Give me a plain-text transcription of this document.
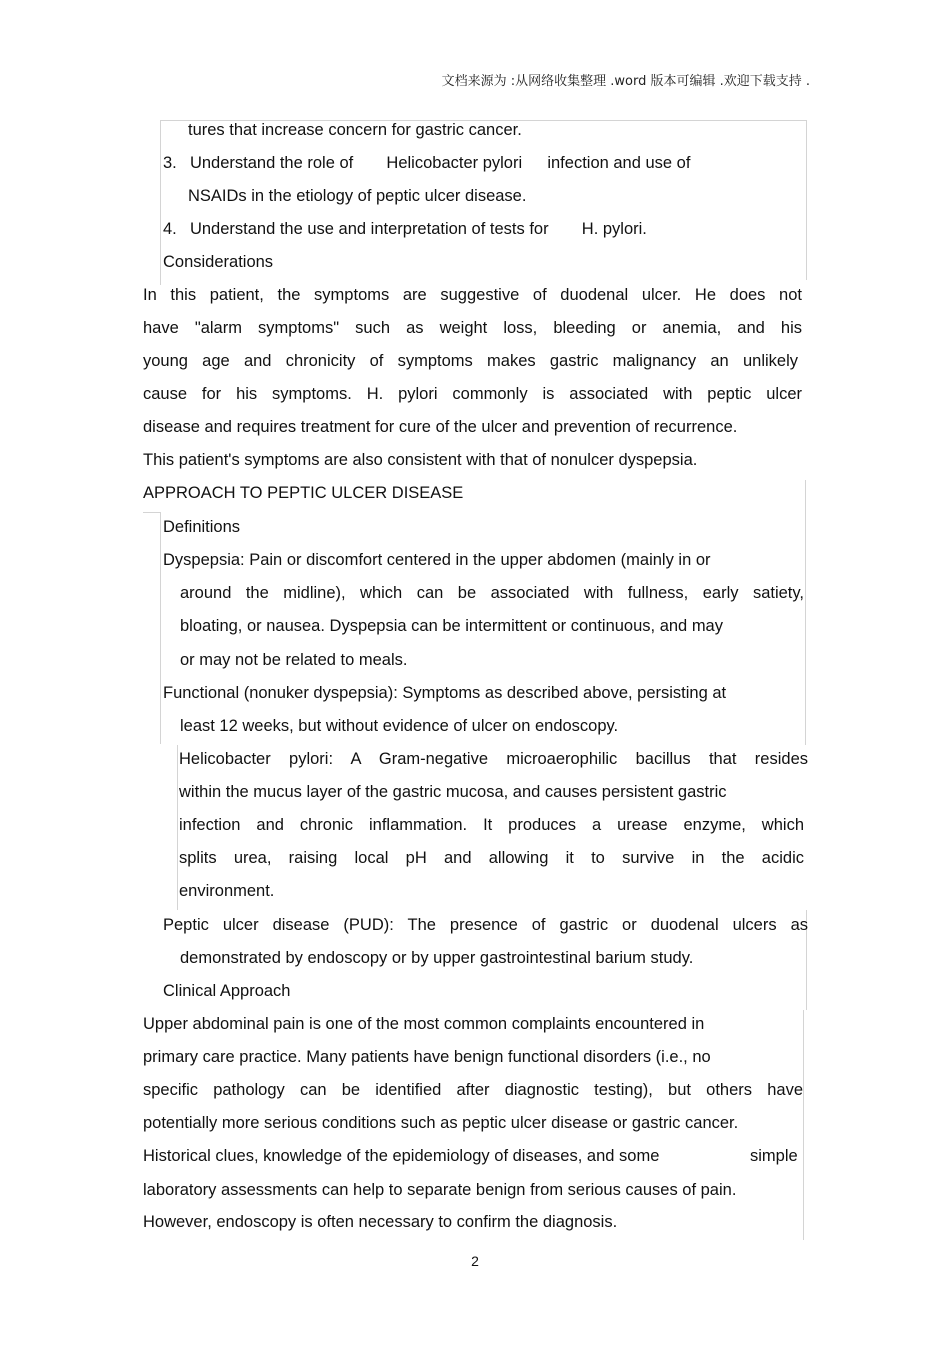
文档来源为 :从网络收集整理 .word 版本可编辑 .欢迎下载支持 .
tures that increase concern for gastric cancer.
3. Understand the role of Helicobacter pylori infection and use of
NSAIDs in the etiology of peptic ulcer disease.
4. Understand the use and interpretation of tests for H. pylori.
Considerations
In this patient, the symptoms are suggestive of duodenal ulcer. He does not
have "alarm symptoms" such as weight loss, bleeding or anemia, and his
young age and chronicity of symptoms makes gastric malignancy an unlikely
cause for his symptoms. H. pylori commonly is associated with peptic ulcer
disease and requires treatment for cure of the ulcer and prevention of recurrence.
This patient's symptoms are also consistent with that of nonulcer dyspepsia.
APPROACH TO PEPTIC ULCER DISEASE
Definitions
Dyspepsia: Pain or discomfort centered in the upper abdomen (mainly in or
around the midline), which can be associated with fullness, early satiety,
bloating, or nausea. Dyspepsia can be intermittent or continuous, and may
or may not be related to meals.
Functional (nonuker dyspepsia): Symptoms as described above, persisting at
least 12 weeks, but without evidence of ulcer on endoscopy.
Helicobacter pylori: A Gram-negative microaerophilic bacillus that resides
within the mucus layer of the gastric mucosa, and causes persistent gastric
infection and chronic inflammation. It produces a urease enzyme, which
splits urea, raising local pH and allowing it to survive in the acidic
environment.
Peptic ulcer disease (PUD): The presence of gastric or duodenal ulcers as
demonstrated by endoscopy or by upper gastrointestinal barium study.
Clinical Approach
Upper abdominal pain is one of the most common complaints encountered in
primary care practice. Many patients have benign functional disorders (i.e., no
specific pathology can be identified after diagnostic testing), but others have
potentially more serious conditions such as peptic ulcer disease or gastric cancer.
Historical clues, knowledge of the epidemiology of diseases, and some	simple
laboratory assessments can help to separate benign from serious causes of pain.
However, endoscopy is often necessary to confirm the diagnosis.
2
